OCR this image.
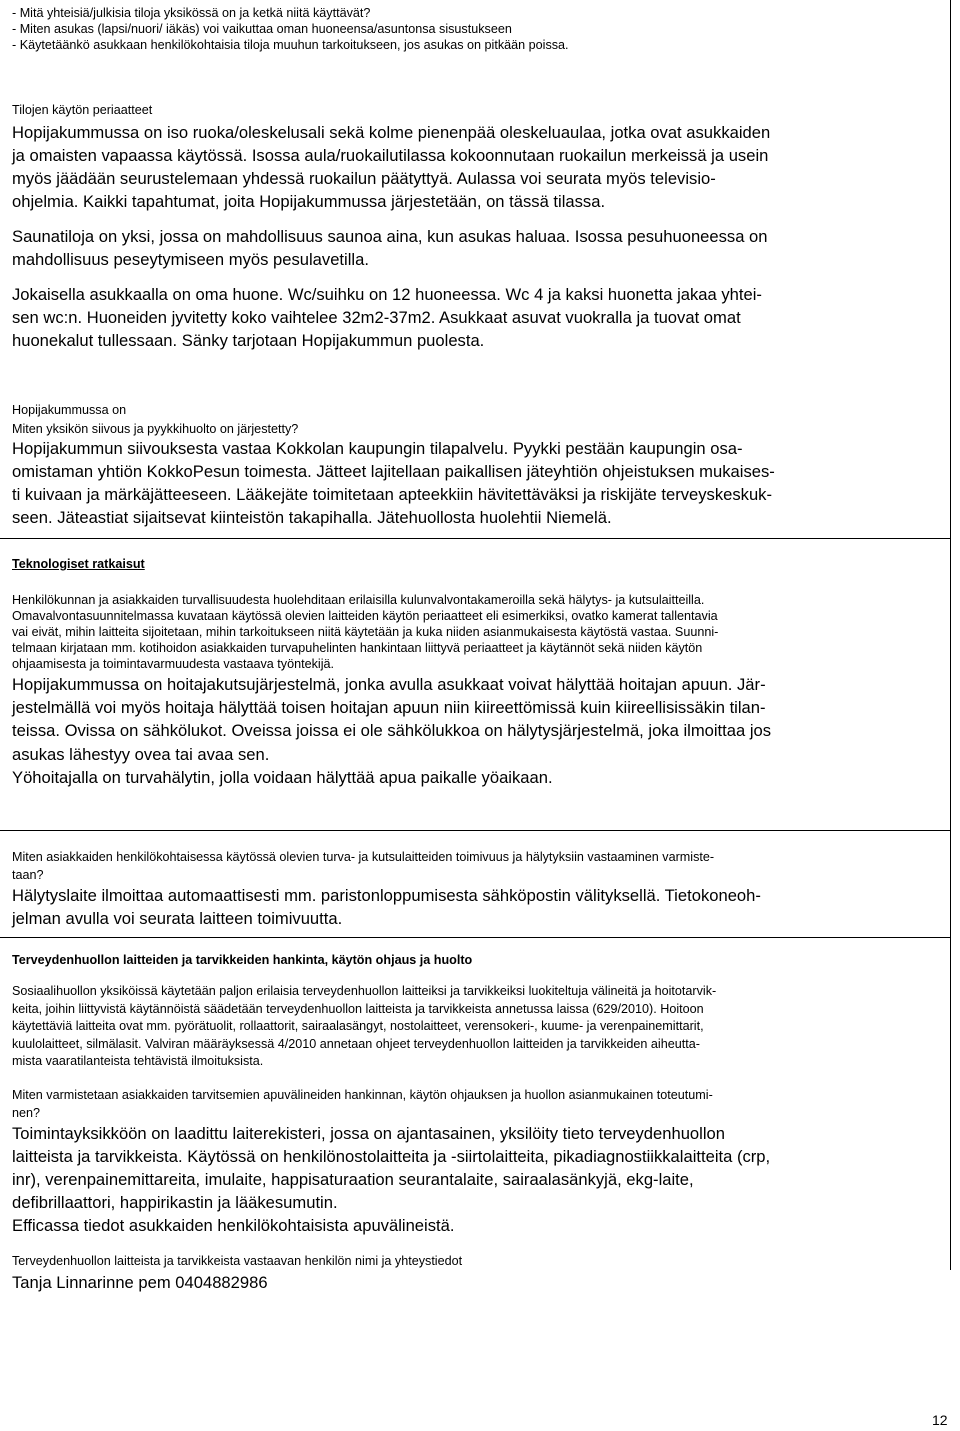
- Mitä yhteisiä/julkisia tiloja yksikössä on ja ketkä niitä käyttävät?

- Miten asukas (lapsi/nuori/ iäkäs) voi vaikuttaa oman huoneensa/asuntonsa sisustukseen

- Käytetäänkö asukkaan henkilökohtaisia tiloja muuhun tarkoitukseen, jos asukas on pitkään poissa.

Tilojen käytön periaatteet

Hopijakummussa on iso ruoka/oleskelusali sekä kolme pienenpää oleskeluaulaa, jotka ovat asukkaiden

ja omaisten vapaassa käytössä. Isossa aula/ruokailutilassa kokoonnutaan ruokailun merkeissä ja usein

myös jäädään seurustelemaan yhdessä ruokailun päätyttyä. Aulassa voi seurata myös televisio-

ohjelmia. Kaikki tapahtumat, joita Hopijakummussa järjestetään, on tässä tilassa.

Saunatiloja on yksi, jossa on mahdollisuus saunoa aina, kun asukas haluaa. Isossa pesuhuoneessa on

mahdollisuus peseytymiseen myös pesulavetilla.

Jokaisella asukkaalla on oma huone. Wc/suihku on 12 huoneessa. Wc 4 ja kaksi huonetta jakaa yhtei-

sen wc:n. Huoneiden jyvitetty koko vaihtelee 32m2-37m2. Asukkaat asuvat vuokralla ja tuovat omat

huonekalut tullessaan. Sänky tarjotaan Hopijakummun puolesta.

Hopijakummussa on

Miten yksikön siivous ja pyykkihuolto on järjestetty?

Hopijakummun siivouksesta vastaa Kokkolan kaupungin tilapalvelu. Pyykki pestään kaupungin osa-

omistaman yhtiön KokkoPesun toimesta. Jätteet lajitellaan paikallisen jäteyhtiön ohjeistuksen mukaises-

ti kuivaan ja märkäjätteeseen. Lääkejäte toimitetaan apteekkiin hävitettäväksi ja riskijäte terveyskeskuk-

seen. Jäteastiat sijaitsevat kiinteistön takapihalla. Jätehuollosta huolehtii Niemelä.

Teknologiset ratkaisut

Henkilökunnan ja asiakkaiden turvallisuudesta huolehditaan erilaisilla kulunvalvontakameroilla sekä hälytys- ja kutsulaitteilla.

Omavalvontasuunnitelmassa kuvataan käytössä olevien laitteiden käytön periaatteet eli esimerkiksi, ovatko kamerat tallentavia

vai eivät, mihin laitteita sijoitetaan, mihin tarkoitukseen niitä käytetään ja kuka niiden asianmukaisesta käytöstä vastaa. Suunni-

telmaan kirjataan mm. kotihoidon asiakkaiden turvapuhelinten hankintaan liittyvä periaatteet ja käytännöt sekä niiden käytön

ohjaamisesta ja toimintavarmuudesta vastaava työntekijä.

Hopijakummussa on hoitajakutsujärjestelmä, jonka avulla asukkaat voivat hälyttää hoitajan apuun. Jär-

jestelmällä voi myös hoitaja hälyttää toisen hoitajan apuun niin kiireettömissä kuin kiireellisissäkin tilan-

teissa. Ovissa on sähkölukot. Oveissa joissa ei ole sähkölukkoa on hälytysjärjestelmä, joka ilmoittaa jos

asukas lähestyy ovea tai avaa sen.

Yöhoitajalla on turvahälytin, jolla voidaan hälyttää apua paikalle yöaikaan.

Miten asiakkaiden henkilökohtaisessa käytössä olevien turva- ja kutsulaitteiden toimivuus ja hälytyksiin vastaaminen varmiste-

taan?

Hälytyslaite ilmoittaa automaattisesti mm. paristonloppumisesta sähköpostin välityksellä. Tietokoneoh-

jelman avulla voi seurata laitteen toimivuutta.

Terveydenhuollon laitteiden ja tarvikkeiden hankinta, käytön ohjaus ja huolto

Sosiaalihuollon yksiköissä käytetään paljon erilaisia terveydenhuollon laitteiksi ja tarvikkeiksi luokiteltuja välineitä ja hoitotarvik-

keita, joihin liittyvistä käytännöistä säädetään terveydenhuollon laitteista ja tarvikkeista annetussa laissa (629/2010). Hoitoon

käytettäviä laitteita ovat mm. pyörätuolit, rollaattorit, sairaalasängyt, nostolaitteet, verensokeri-, kuume- ja verenpainemittarit,

kuulolaitteet, silmälasit. Valviran määräyksessä 4/2010 annetaan ohjeet terveydenhuollon laitteiden ja tarvikkeiden aiheutta-

mista vaaratilanteista tehtävistä ilmoituksista.

Miten varmistetaan asiakkaiden tarvitsemien apuvälineiden hankinnan, käytön ohjauksen ja huollon asianmukainen toteutumi-

nen?

Toimintayksikköön on laadittu laiterekisteri, jossa on ajantasainen, yksilöity tieto terveydenhuollon

laitteista ja tarvikkeista. Käytössä on henkilönostolaitteita ja -siirtolaitteita, pikadiagnostiikkalaitteita (crp,

inr), verenpainemittareita, imulaite, happisaturaation seurantalaite, sairaalasänkyjä, ekg-laite,

defibrillaattori, happirikastin ja lääkesumutin.

Efficassa tiedot asukkaiden henkilökohtaisista apuvälineistä.

Terveydenhuollon laitteista ja tarvikkeista vastaavan henkilön nimi ja yhteystiedot

Tanja Linnarinne pem 0404882986

12
